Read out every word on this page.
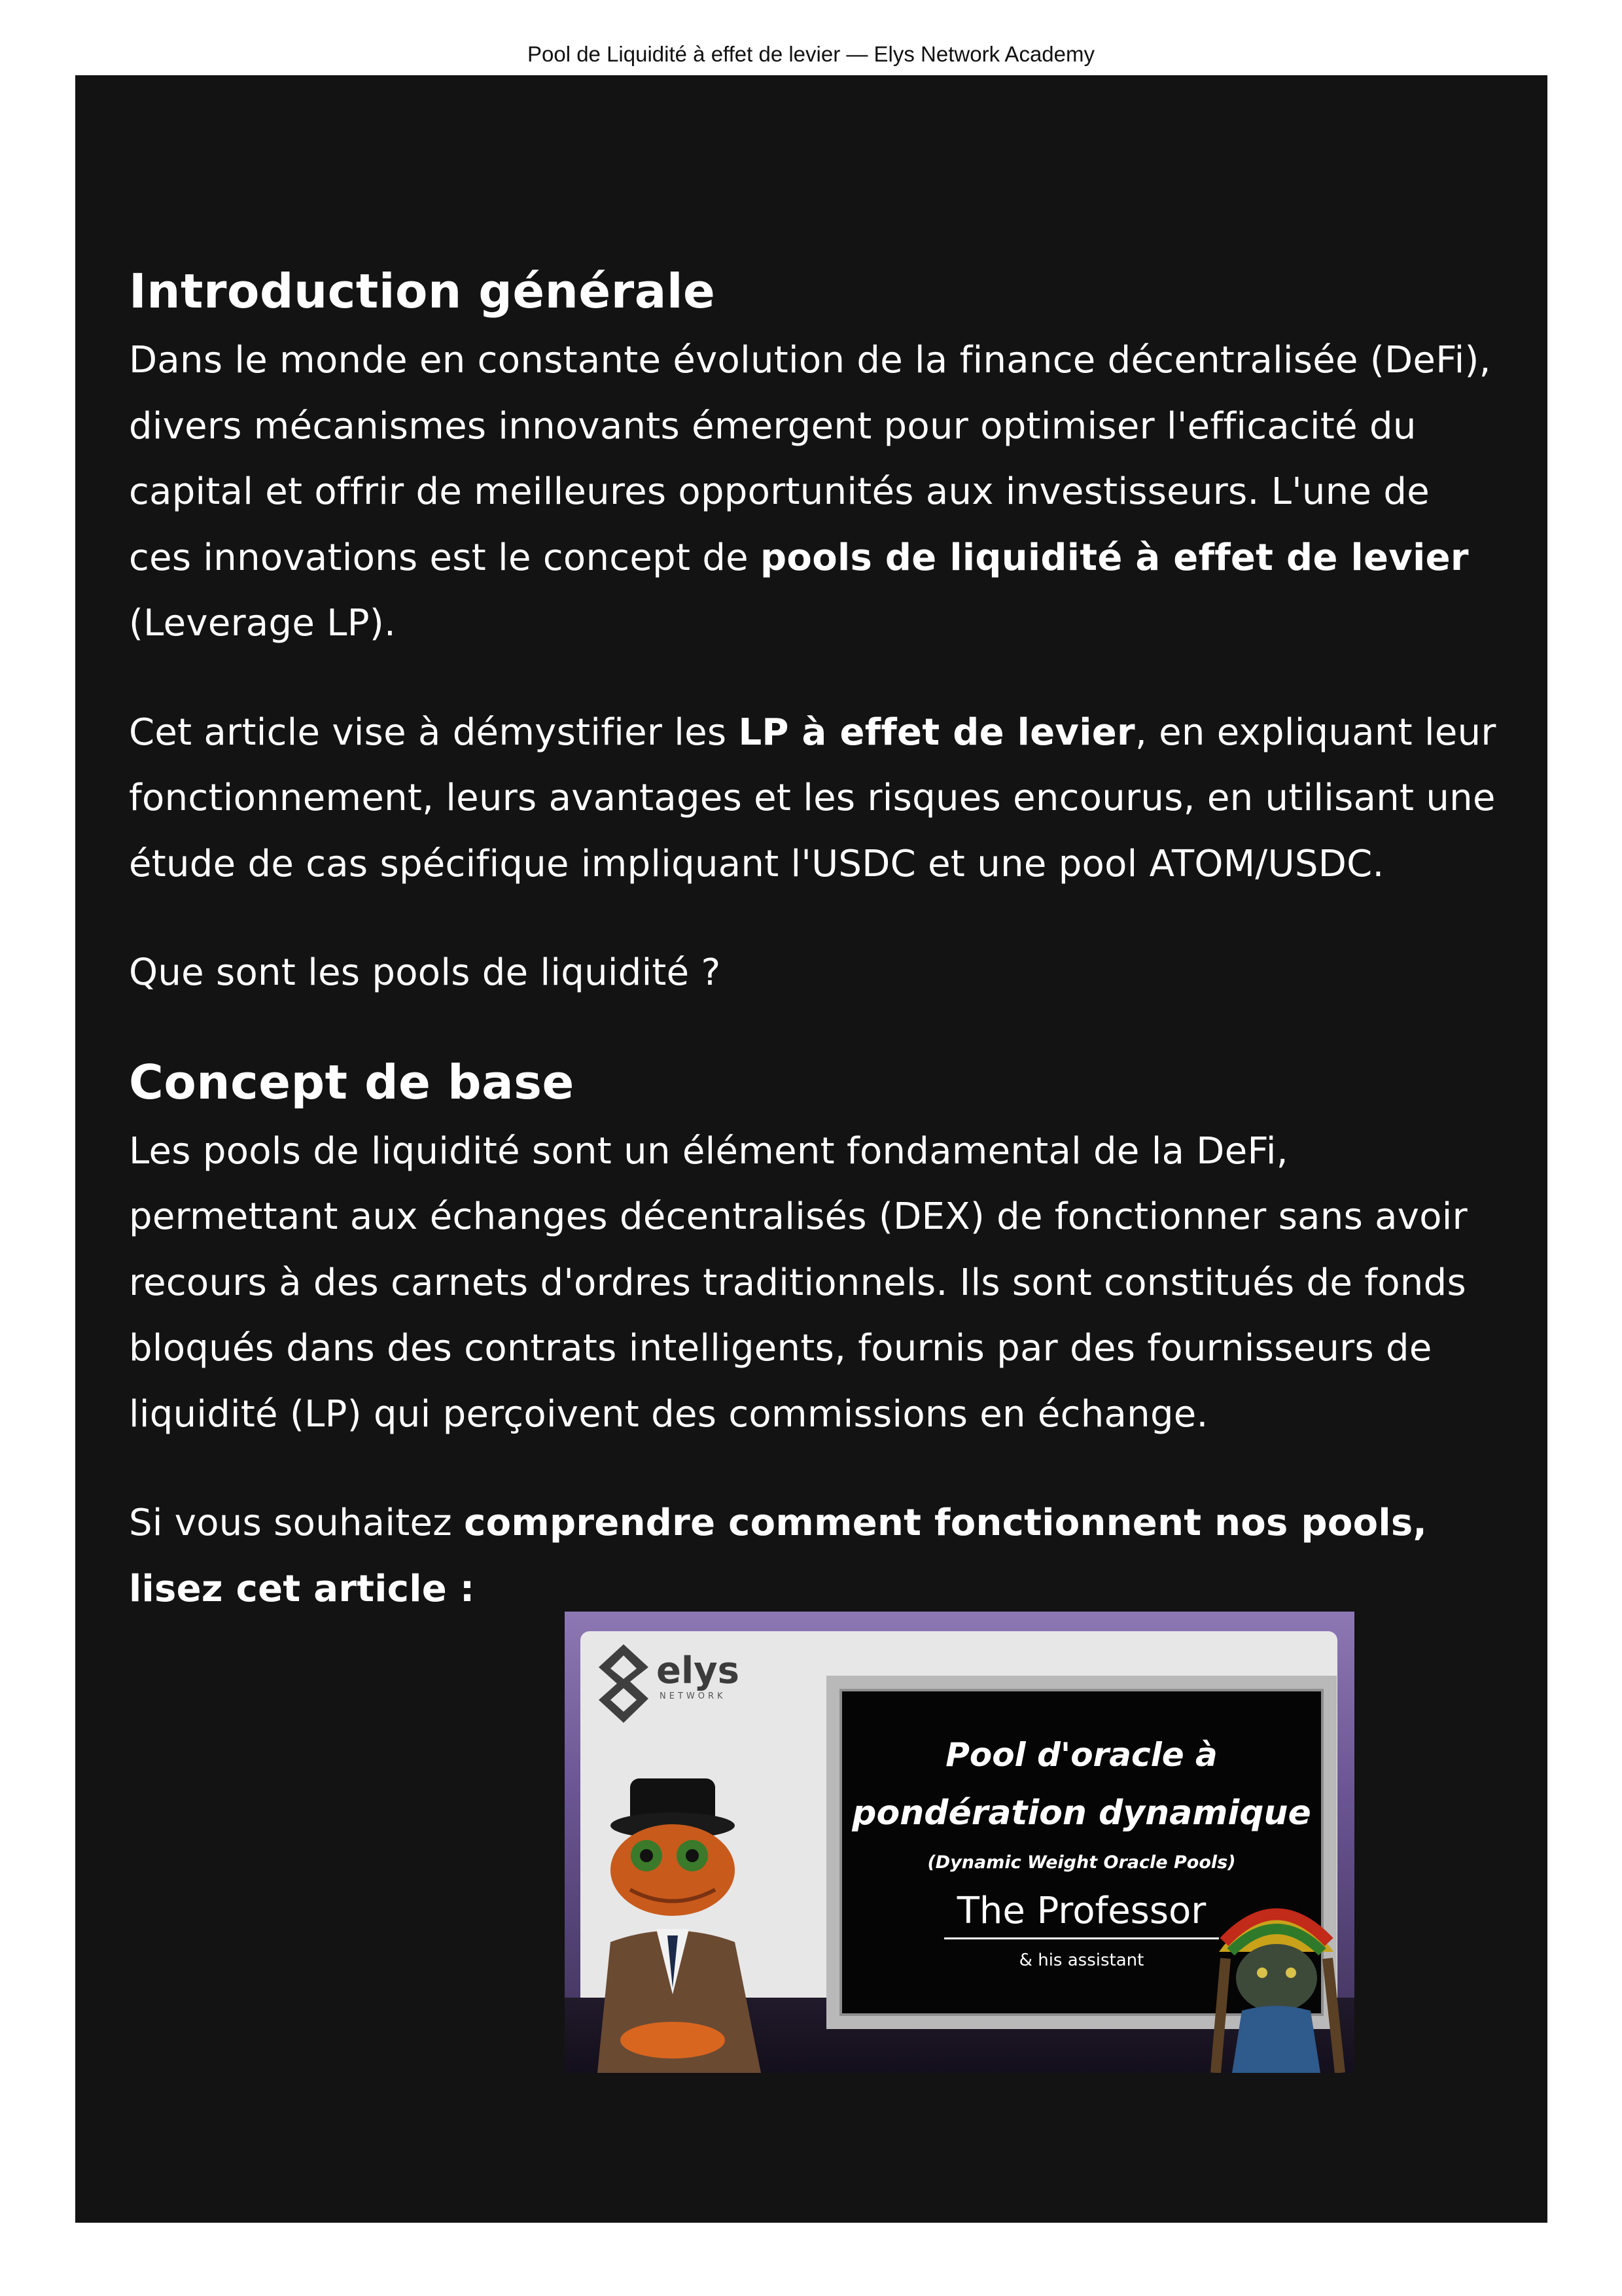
Pool de Liquidité à effet de levier — Elys Network Academy
Introduction générale

Dans le monde en constante évolution de la finance décentralisée (DeFi), divers mécanismes innovants émergent pour optimiser l'efficacité du capital et offrir de meilleures opportunités aux investisseurs. L'une de ces innovations est le concept de pools de liquidité à effet de levier (Leverage LP).

Cet article vise à démystifier les LP à effet de levier, en expliquant leur fonctionnement, leurs avantages et les risques encourus, en utilisant une étude de cas spécifique impliquant l'USDC et une pool ATOM/USDC.

Que sont les pools de liquidité ?

Concept de base

Les pools de liquidité sont un élément fondamental de la DeFi, permettant aux échanges décentralisés (DEX) de fonctionner sans avoir recours à des carnets d'ordres traditionnels. Ils sont constitués de fonds bloqués dans des contrats intelligents, fournis par des fournisseurs de liquidité (LP) qui perçoivent des commissions en échange.

Si vous souhaitez comprendre comment fonctionnent nos pools, lisez cet article :

elys
NETWORK
Pool d'oracle à
pondération dynamique
(Dynamic Weight Oracle Pools)
The Professor
& his assistant
